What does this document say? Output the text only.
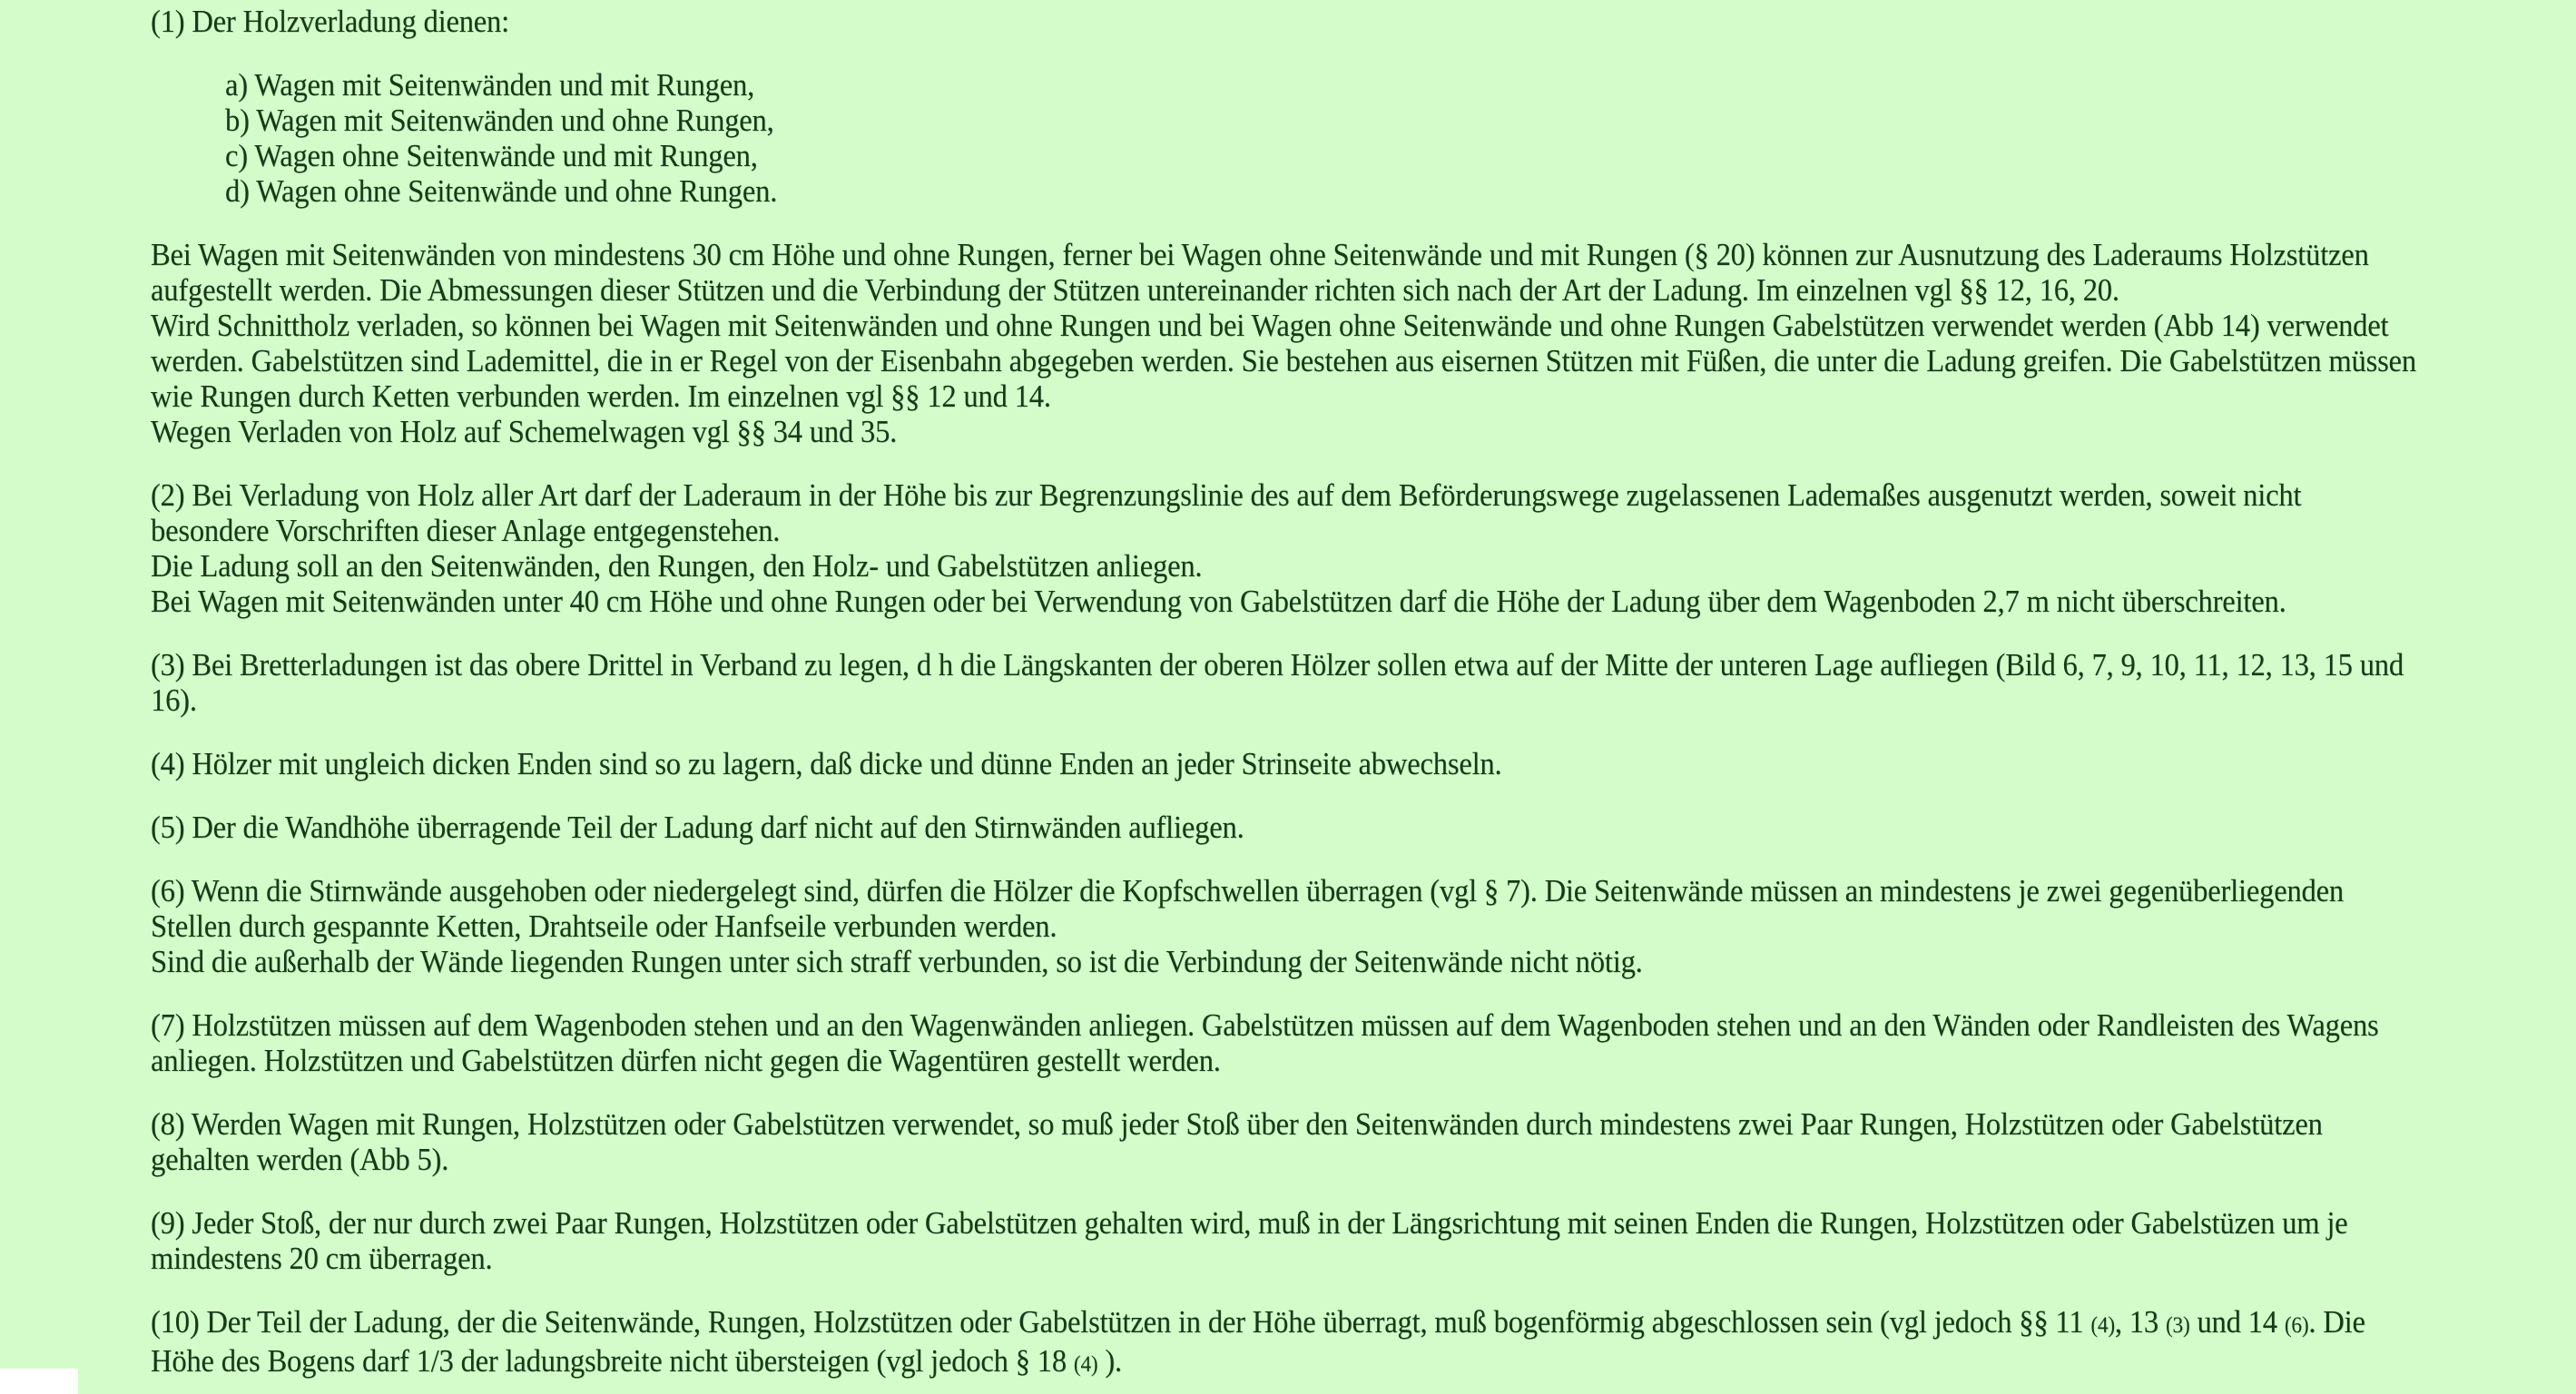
(1) Der Holzverladung dienen:
a) Wagen mit Seitenwänden und mit Rungen,
b) Wagen mit Seitenwänden und ohne Rungen,
c) Wagen ohne Seitenwände und mit Rungen,
d) Wagen ohne Seitenwände und ohne Rungen.
Bei Wagen mit Seitenwänden von mindestens 30 cm Höhe und ohne Rungen, ferner bei Wagen ohne Seitenwände und mit Rungen (§ 20) können zur Ausnutzung des Laderaums Holzstützen
aufgestellt werden. Die Abmessungen dieser Stützen und die Verbindung der Stützen untereinander richten sich nach der Art der Ladung. Im einzelnen vgl §§ 12, 16, 20.
Wird Schnittholz verladen, so können bei Wagen mit Seitenwänden und ohne Rungen und bei Wagen ohne Seitenwände und ohne Rungen Gabelstützen verwendet werden (Abb 14) verwendet
werden. Gabelstützen sind Lademittel, die in er Regel von der Eisenbahn abgegeben werden. Sie bestehen aus eisernen Stützen mit Füßen, die unter die Ladung greifen. Die Gabelstützen müssen
wie Rungen durch Ketten verbunden werden. Im einzelnen vgl §§ 12 und 14.
Wegen Verladen von Holz auf Schemelwagen vgl §§ 34 und 35.
(2) Bei Verladung von Holz aller Art darf der Laderaum in der Höhe bis zur Begrenzungslinie des auf dem Beförderungswege zugelassenen Lademaßes ausgenutzt werden, soweit nicht
besondere Vorschriften dieser Anlage entgegenstehen.
Die Ladung soll an den Seitenwänden, den Rungen, den Holz- und Gabelstützen anliegen.
Bei Wagen mit Seitenwänden unter 40 cm Höhe und ohne Rungen oder bei Verwendung von Gabelstützen darf die Höhe der Ladung über dem Wagenboden 2,7 m nicht überschreiten.
(3) Bei Bretterladungen ist das obere Drittel in Verband zu legen, d h die Längskanten der oberen Hölzer sollen etwa auf der Mitte der unteren Lage aufliegen (Bild 6, 7, 9, 10, 11, 12, 13, 15 und
16).
(4) Hölzer mit ungleich dicken Enden sind so zu lagern, daß dicke und dünne Enden an jeder Strinseite abwechseln.
(5) Der die Wandhöhe überragende Teil der Ladung darf nicht auf den Stirnwänden aufliegen.
(6) Wenn die Stirnwände ausgehoben oder niedergelegt sind, dürfen die Hölzer die Kopfschwellen überragen (vgl § 7). Die Seitenwände müssen an mindestens je zwei gegenüberliegenden
Stellen durch gespannte Ketten, Drahtseile oder Hanfseile verbunden werden.
Sind die außerhalb der Wände liegenden Rungen unter sich straff verbunden, so ist die Verbindung der Seitenwände nicht nötig.
(7) Holzstützen müssen auf dem Wagenboden stehen und an den Wagenwänden anliegen. Gabelstützen müssen auf dem Wagenboden stehen und an den Wänden oder Randleisten des Wagens
anliegen. Holzstützen und Gabelstützen dürfen nicht gegen die Wagentüren gestellt werden.
(8) Werden Wagen mit Rungen, Holzstützen oder Gabelstützen verwendet, so muß jeder Stoß über den Seitenwänden durch mindestens zwei Paar Rungen, Holzstützen oder Gabelstützen
gehalten werden (Abb 5).
(9) Jeder Stoß, der nur durch zwei Paar Rungen, Holzstützen oder Gabelstützen gehalten wird, muß in der Längsrichtung mit seinen Enden die Rungen, Holzstützen oder Gabelstüzen um je
mindestens 20 cm überragen.
(10) Der Teil der Ladung, der die Seitenwände, Rungen, Holzstützen oder Gabelstützen in der Höhe überragt, muß bogenförmig abgeschlossen sein (vgl jedoch §§ 11 (4), 13 (3) und 14 (6). Die
Höhe des Bogens darf 1/3 der ladungsbreite nicht übersteigen (vgl jedoch § 18 (4) ).
